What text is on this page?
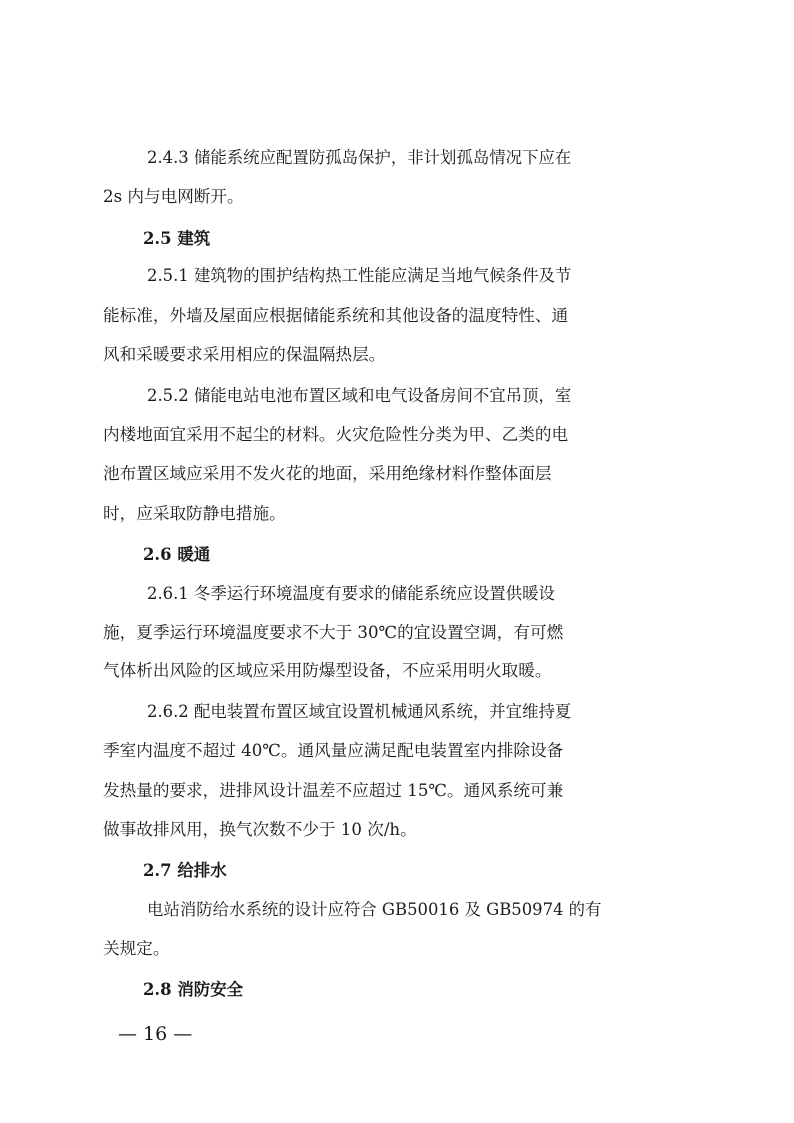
2.4.3 储能系统应配置防孤岛保护，非计划孤岛情况下应在
2s 内与电网断开。
2.5 建筑
2.5.1 建筑物的围护结构热工性能应满足当地气候条件及节
能标准，外墙及屋面应根据储能系统和其他设备的温度特性、通
风和采暖要求采用相应的保温隔热层。
2.5.2 储能电站电池布置区域和电气设备房间不宜吊顶，室
内楼地面宜采用不起尘的材料。火灾危险性分类为甲、乙类的电
池布置区域应采用不发火花的地面，采用绝缘材料作整体面层
时，应采取防静电措施。
2.6 暖通
2.6.1 冬季运行环境温度有要求的储能系统应设置供暖设
施，夏季运行环境温度要求不大于 30℃的宜设置空调，有可燃
气体析出风险的区域应采用防爆型设备，不应采用明火取暖。
2.6.2 配电装置布置区域宜设置机械通风系统，并宜维持夏
季室内温度不超过 40℃。通风量应满足配电装置室内排除设备
发热量的要求，进排风设计温差不应超过 15℃。通风系统可兼
做事故排风用，换气次数不少于 10 次/h。
2.7 给排水
电站消防给水系统的设计应符合 GB50016 及 GB50974 的有
关规定。
2.8 消防安全
— 16 —
